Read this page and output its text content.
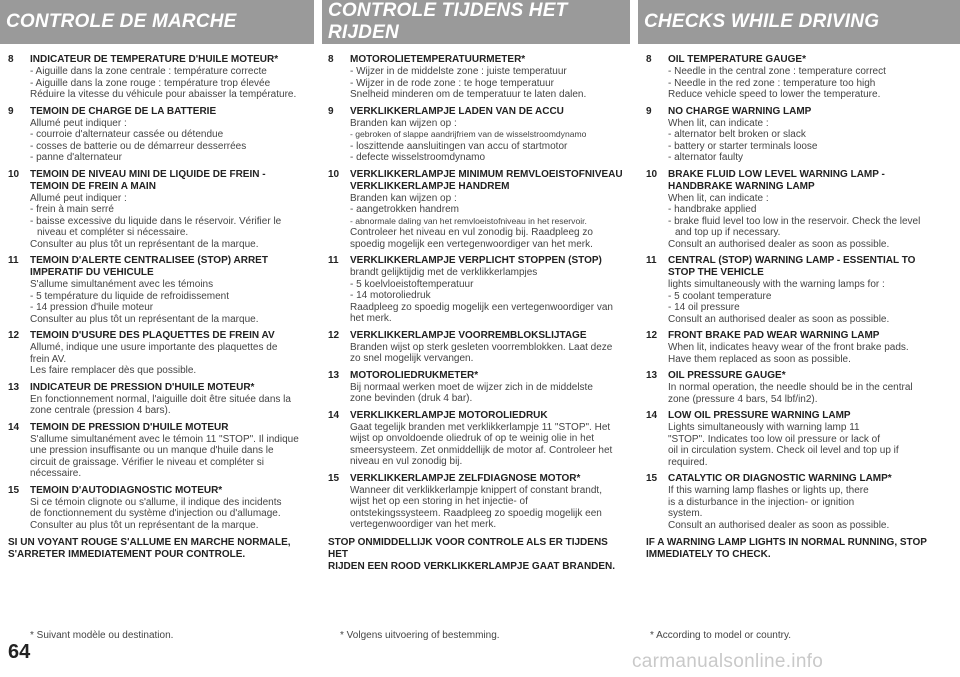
CONTROLE DE MARCHE
8	INDICATEUR DE TEMPERATURE D'HUILE MOTEUR*
- Aiguille dans la zone centrale : température correcte
- Aiguille dans la zone rouge : température trop élevée
Réduire la vitesse du véhicule pour abaisser la température.
9	TEMOIN DE CHARGE DE LA BATTERIE
Allumé peut indiquer :
- courroie d'alternateur cassée ou détendue
- cosses de batterie ou de démarreur desserrées
- panne d'alternateur
10	TEMOIN DE NIVEAU MINI DE LIQUIDE DE FREIN -
TEMOIN DE FREIN A MAIN
Allumé peut indiquer :
- frein à main serré
- baisse excessive du liquide dans le réservoir. Vérifier le
niveau et compléter si nécessaire.
Consulter au plus tôt un représentant de la marque.
11	TEMOIN D'ALERTE CENTRALISEE (STOP) ARRET
IMPERATIF DU VEHICULE
S'allume simultanément avec les témoins
- 5 température du liquide de refroidissement
- 14 pression d'huile moteur
Consulter au plus tôt un représentant de la marque.
12	TEMOIN D'USURE DES PLAQUETTES DE FREIN AV
Allumé, indique une usure importante des plaquettes de
frein AV.
Les faire remplacer dès que possible.
13	INDICATEUR DE PRESSION D'HUILE MOTEUR*
En fonctionnement normal, l'aiguille doit être située dans la
zone centrale (pression 4 bars).
14	TEMOIN DE PRESSION D'HUILE MOTEUR
S'allume simultanément avec le témoin 11 "STOP". Il indique
une pression insuffisante ou un manque d'huile dans le
circuit de graissage. Vérifier le niveau et compléter si
nécessaire.
15	TEMOIN D'AUTODIAGNOSTIC MOTEUR*
Si ce témoin clignote ou s'allume, il indique des incidents
de fonctionnement du système d'injection ou d'allumage.
Consulter au plus tôt un représentant de la marque.
SI UN VOYANT ROUGE S'ALLUME EN MARCHE NORMALE,
S'ARRETER IMMEDIATEMENT POUR CONTROLE.
* Suivant modèle ou destination.
CONTROLE TIJDENS HET RIJDEN
8	MOTOROLIETEMPERATUURMETER*
- Wijzer in de middelste zone : juiste temperatuur
- Wijzer in de rode zone : te hoge temperatuur
Snelheid minderen om de temperatuur te laten dalen.
9	VERKLIKKERLAMPJE LADEN VAN DE ACCU
Branden kan wijzen op :
- gebroken of slappe aandrijfriem van de wisselstroomdynamo
- loszittende aansluitingen van accu of startmotor
- defecte wisselstroomdynamo
10	VERKLIKKERLAMPJE MINIMUM REMVLOEISTOFNIVEAU
VERKLIKKERLAMPJE HANDREM
Branden kan wijzen op :
- aangetrokken handrem
- abnormale daling van het remvloeistofniveau in het reservoir.
Controleer het niveau en vul zonodig bij. Raadpleeg zo
spoedig mogelijk een vertegenwoordiger van het merk.
11	VERKLIKKERLAMPJE VERPLICHT STOPPEN (STOP)
brandt gelijktijdig met de verklikkerlampjes
- 5 koelvloeistoftemperatuur
- 14 motoroliedruk
Raadpleeg zo spoedig mogelijk een vertegenwoordiger van
het merk.
12	VERKLIKKERLAMPJE VOORREMBLOKSLIJTAGE
Branden wijst op sterk gesleten voorremblokken. Laat deze
zo snel mogelijk vervangen.
13	MOTOROLIEDRUKMETER*
Bij normaal werken moet de wijzer zich in de middelste
zone bevinden (druk 4 bar).
14	VERKLIKKERLAMPJE MOTOROLIEDRUK
Gaat tegelijk branden met verklikkerlampje 11 "STOP". Het
wijst op onvoldoende oliedruk of op te weinig olie in het
smeersysteem. Zet onmiddellijk de motor af. Controleer het
niveau en vul zonodig bij.
15	VERKLIKKERLAMPJE ZELFDIAGNOSE MOTOR*
Wanneer dit verklikkerlampje knippert of constant brandt,
wijst het op een storing in het injectie- of
ontstekingssysteem. Raadpleeg zo spoedig mogelijk een
vertegenwoordiger van het merk.
STOP ONMIDDELLIJK VOOR CONTROLE ALS ER TIJDENS HET
RIJDEN EEN ROOD VERKLIKKERLAMPJE GAAT BRANDEN.
* Volgens uitvoering of bestemming.
CHECKS WHILE DRIVING
8	OIL TEMPERATURE GAUGE*
- Needle in the central zone : temperature correct
- Needle in the red zone : temperature too high
Reduce vehicle speed to lower the temperature.
9	NO CHARGE WARNING LAMP
When lit, can indicate :
- alternator belt broken or slack
- battery or starter terminals loose
- alternator faulty
10	BRAKE FLUID LOW LEVEL WARNING LAMP -
HANDBRAKE WARNING LAMP
When lit, can indicate :
- handbrake applied
- brake fluid level too low in the reservoir. Check the level
and top up if necessary.
Consult an authorised dealer as soon as possible.
11	CENTRAL (STOP) WARNING LAMP - ESSENTIAL TO
STOP THE VEHICLE
lights simultaneously with the warning lamps for :
- 5 coolant temperature
- 14 oil pressure
Consult an authorised dealer as soon as possible.
12	FRONT BRAKE PAD WEAR WARNING LAMP
When lit, indicates heavy wear of the front brake pads.
Have them replaced as soon as possible.
13	OIL PRESSURE GAUGE*
In normal operation, the needle should be in the central
zone (pressure 4 bars, 54 lbf/in2).
14	LOW OIL PRESSURE WARNING LAMP
Lights simultaneously with warning lamp 11
"STOP". Indicates too low oil pressure or lack of
oil in circulation system. Check oil level and top up if
required.
15	CATALYTIC OR DIAGNOSTIC WARNING LAMP*
If this warning lamp flashes or lights up, there
is a disturbance in the injection- or ignition
system.
Consult an authorised dealer as soon as possible.
IF A WARNING LAMP LIGHTS IN NORMAL RUNNING, STOP
IMMEDIATELY TO CHECK.
* According to model or country.
64	carmanualsonline.info
